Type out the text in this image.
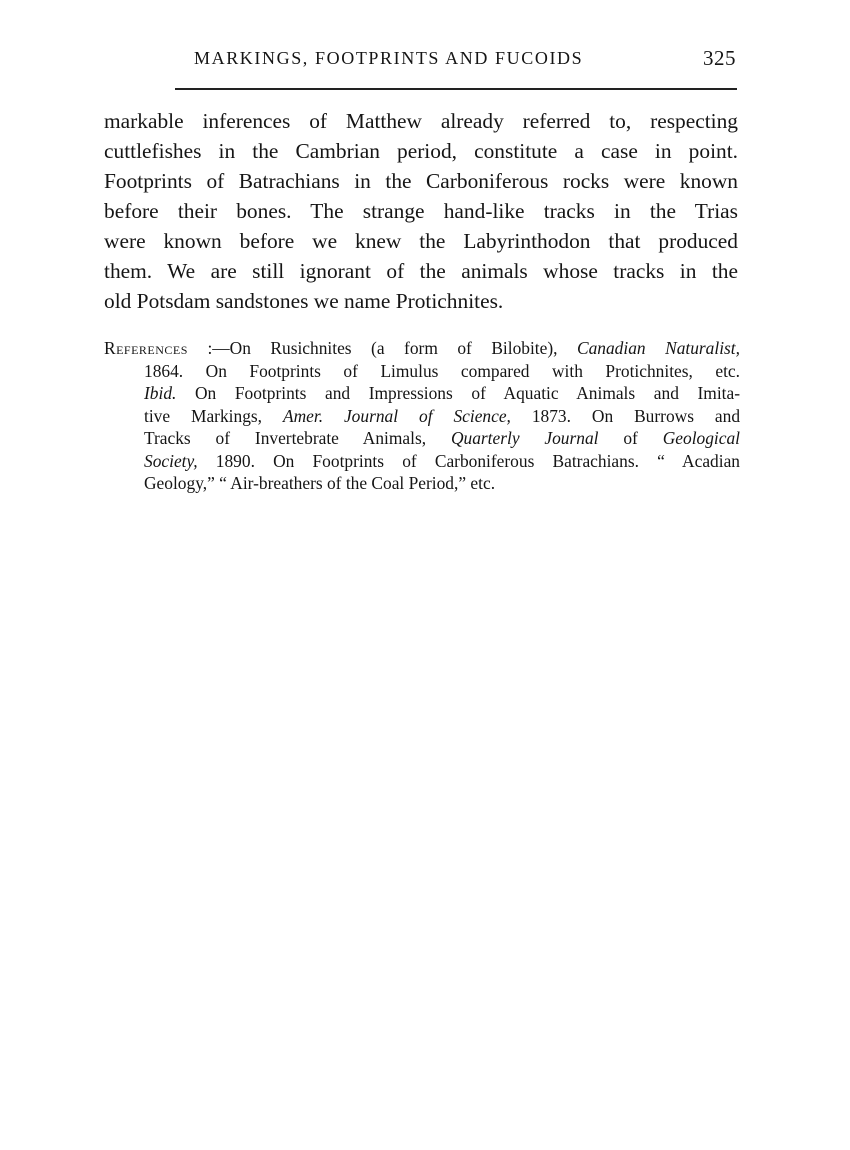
MARKINGS, FOOTPRINTS AND FUCOIDS	325
markable inferences of Matthew already referred to, respecting
cuttlefishes in the Cambrian period, constitute a case in point.
Footprints of Batrachians in the Carboniferous rocks were known
before their bones. The strange hand-like tracks in the Trias
were known before we knew the Labyrinthodon that produced
them. We are still ignorant of the animals whose tracks in the
old Potsdam sandstones we name Protichnites.
References :—On Rusichnites (a form of Bilobite), Canadian Naturalist,
1864. On Footprints of Limulus compared with Protichnites, etc.
Ibid. On Footprints and Impressions of Aquatic Animals and Imita-
tive Markings, Amer. Journal of Science, 1873. On Burrows and
Tracks of Invertebrate Animals, Quarterly Journal of Geological
Society, 1890. On Footprints of Carboniferous Batrachians. “ Acadian
Geology,” “ Air-breathers of the Coal Period,” etc.
